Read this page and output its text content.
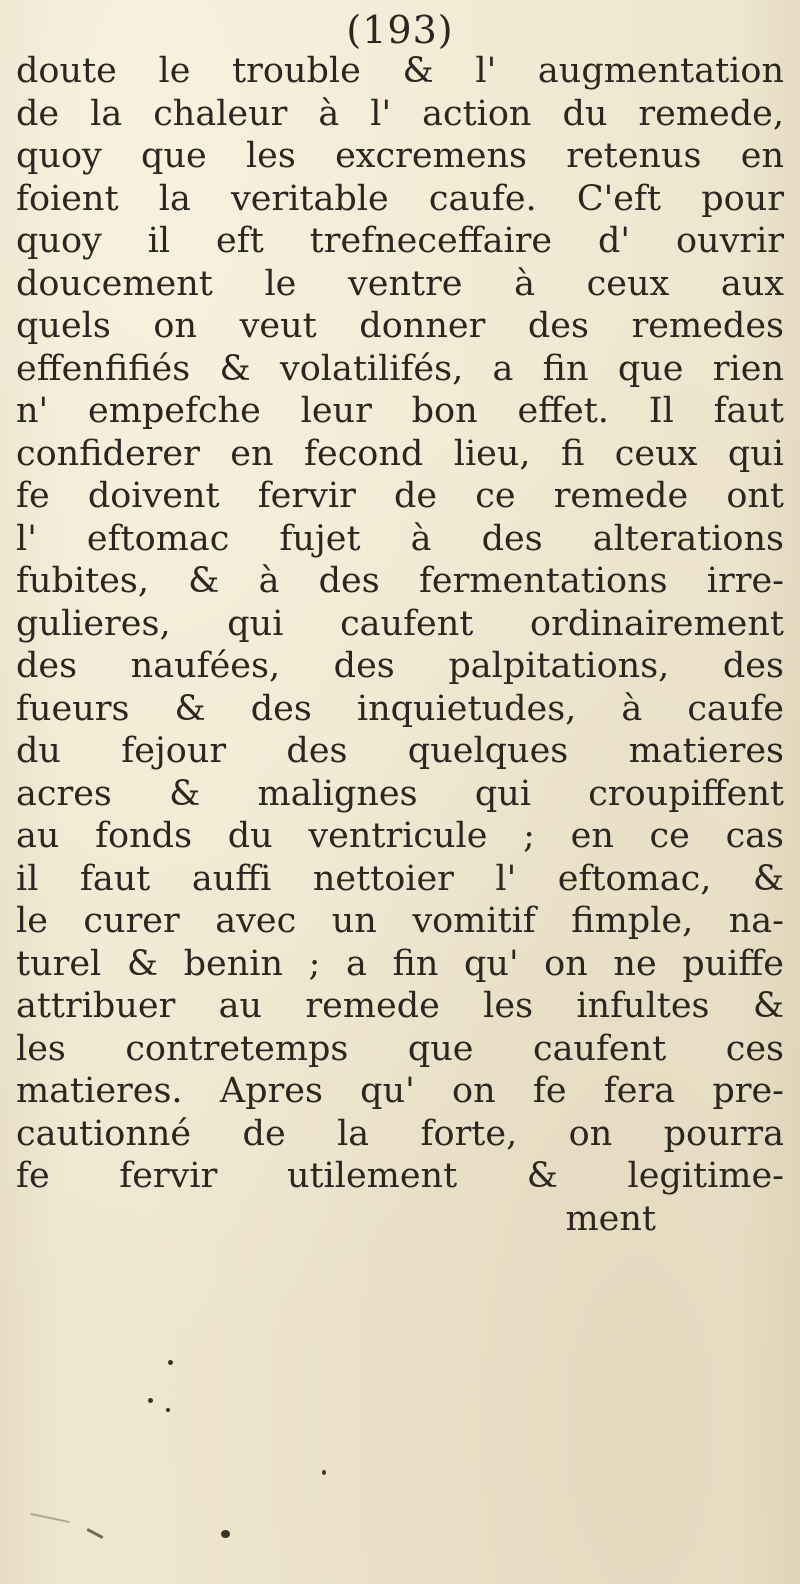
(193)
doute le trouble & l' augmentation
de la chaleur à l' action du remede,
quoy que les excremens retenus en
foient la veritable caufe. C'eft pour
quoy il eft trefneceffaire d' ouvrir
doucement le ventre à ceux aux
quels on veut donner des remedes
effenfifiés & volatilifés, a fin que rien
n' empefche leur bon effet. Il faut
confiderer en fecond lieu, fi ceux qui
fe doivent fervir de ce remede ont
l' eftomac fujet à des alterations
fubites, & à des fermentations irre-
gulieres, qui caufent ordinairement
des naufées, des palpitations, des
fueurs & des inquietudes, à caufe
du fejour des quelques matieres
acres & malignes qui croupiffent
au fonds du ventricule ; en ce cas
il faut auffi nettoier l' eftomac, &
le curer avec un vomitif fimple, na-
turel & benin ; a fin qu' on ne puiffe
attribuer au remede les infultes &
les contretemps que caufent ces
matieres. Apres qu' on fe fera pre-
cautionné de la forte, on pourra
fe fervir utilement & legitime-
ment
